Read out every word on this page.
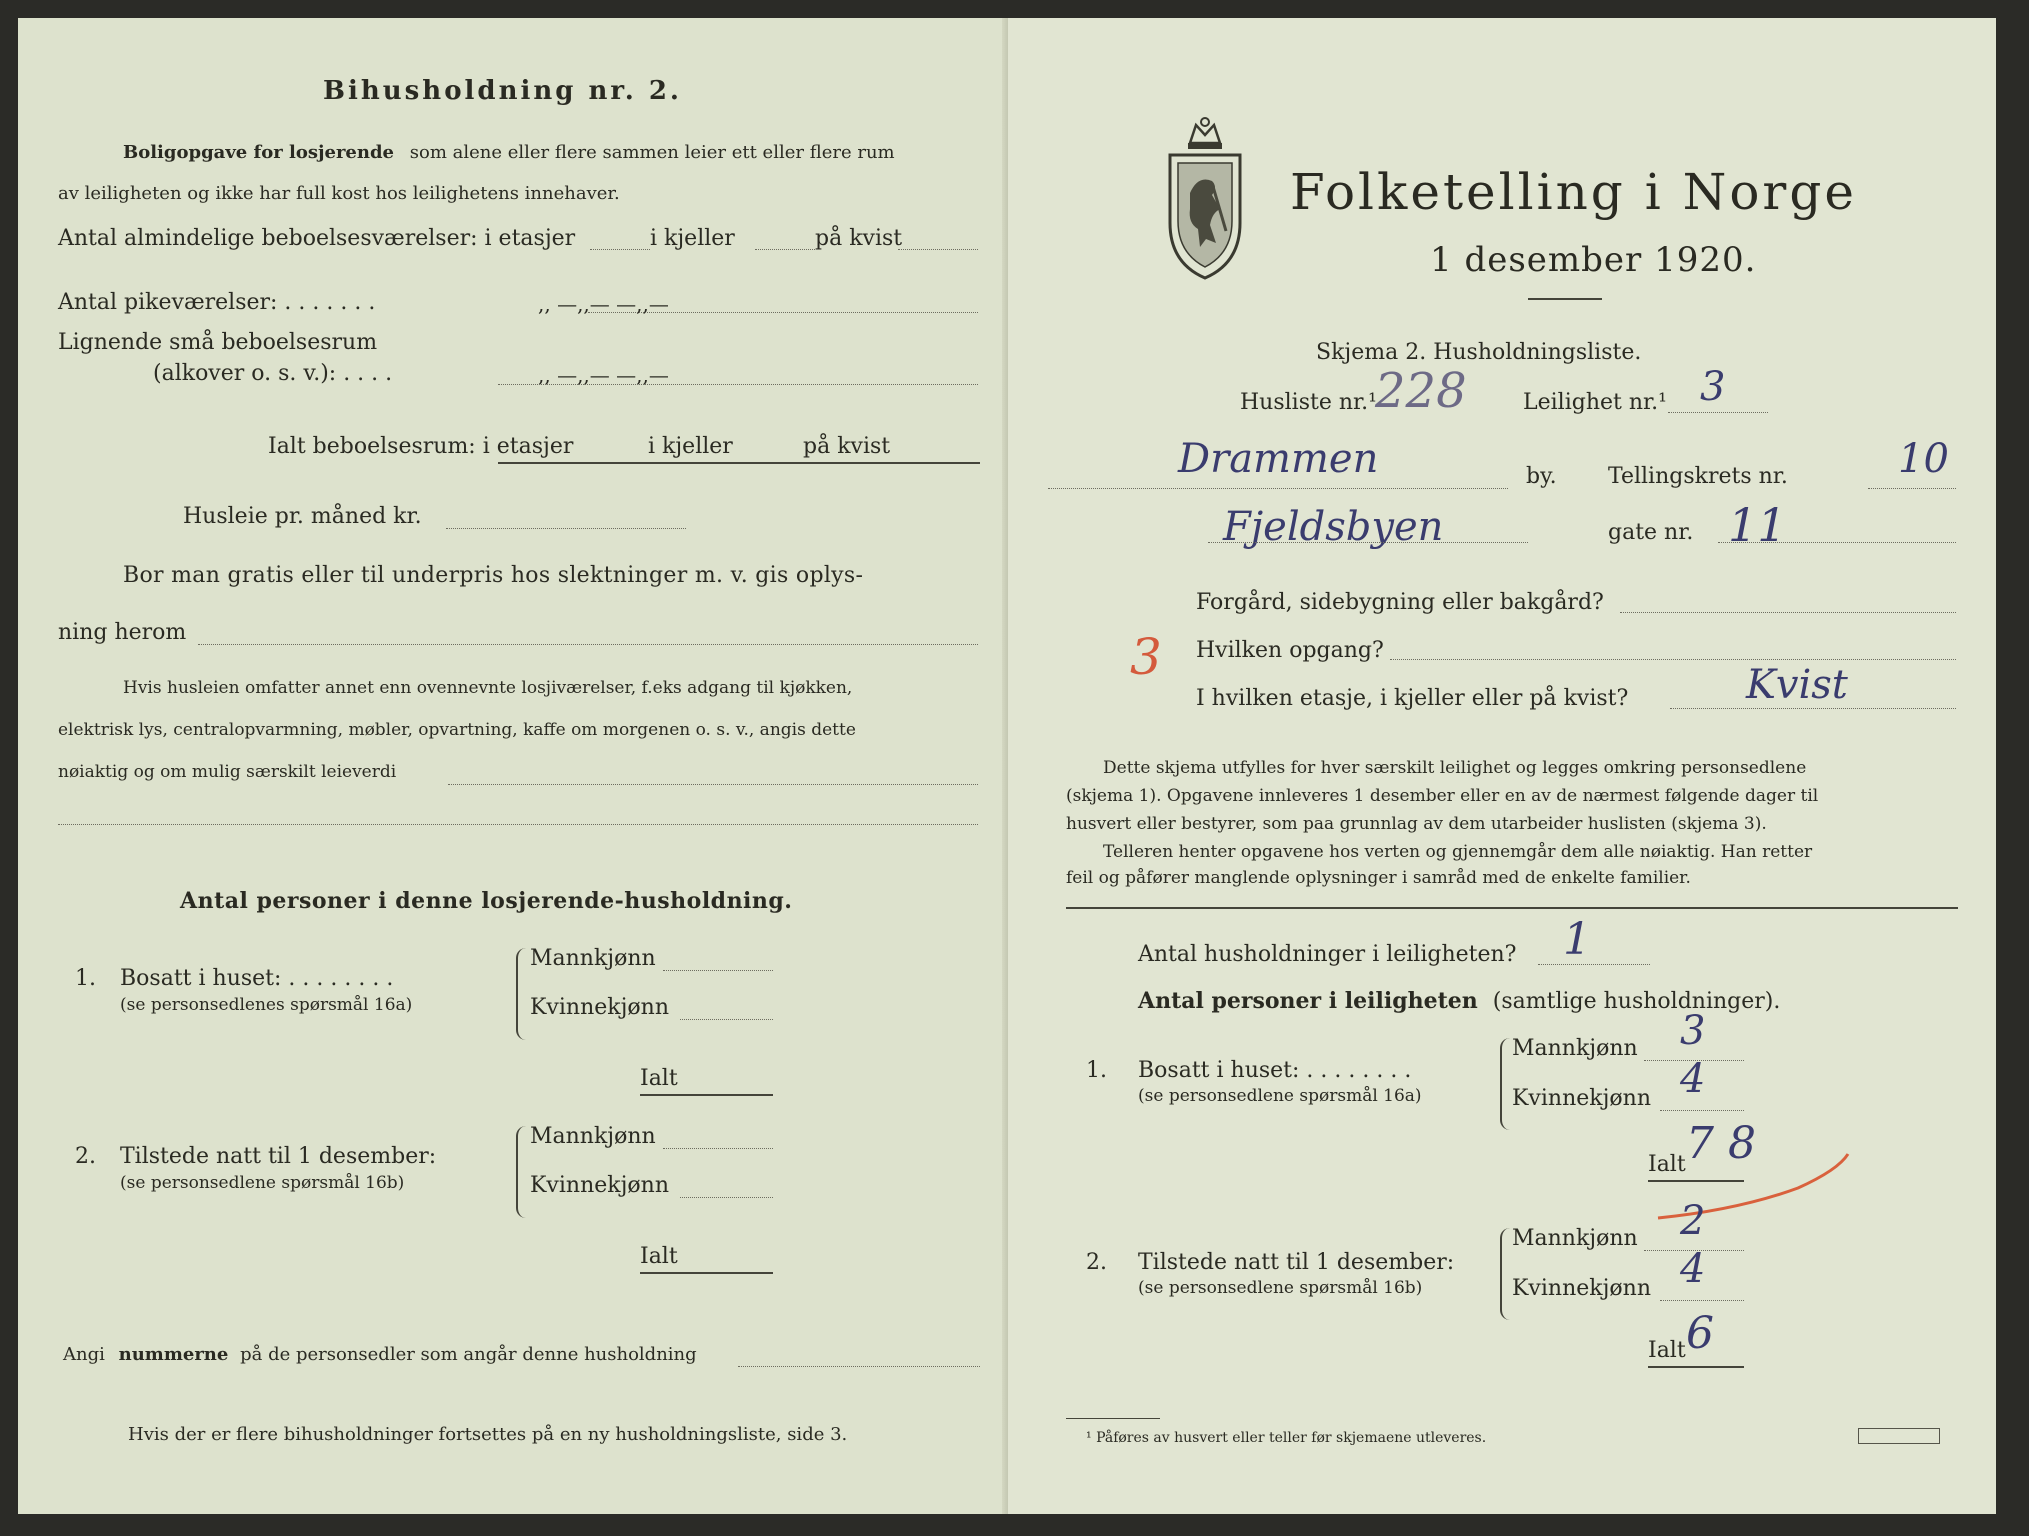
Bihusholdning nr. 2.
Boligopgave for losjerende som alene eller flere sammen leier ett eller flere rum
av leiligheten og ikke har full kost hos leilighetens innehaver.
Antal almindelige beboelsesværelser: i etasjer	i kjeller	på kvist
Antal pikeværelser: . . . . . . .	,, —,,— —,,—
Lignende små beboelsesrum
(alkover o. s. v.): . . . .	,, —,,— —,,—
Ialt beboelsesrum: i etasjer	i kjeller	på kvist
Husleie pr. måned kr.
Bor man gratis eller til underpris hos slektninger m. v. gis oplys-
ning herom
Hvis husleien omfatter annet enn ovennevnte losjiværelser, f.eks adgang til kjøkken,
elektrisk lys, centralopvarmning, møbler, opvartning, kaffe om morgenen o. s. v., angis dette
nøiaktig og om mulig særskilt leieverdi
Antal personer i denne losjerende-husholdning.
1. Bosatt i huset: . . . . . . . .
(se personsedlenes spørsmål 16a)
Mannkjønn
Kvinnekjønn
Ialt
2. Tilstede natt til 1 desember:
(se personsedlene spørsmål 16b)
Mannkjønn
Kvinnekjønn
Ialt
Angi nummerne på de personsedler som angår denne husholdning
Hvis der er flere bihusholdninger fortsettes på en ny husholdningsliste, side 3.
Folketelling i Norge
1 desember 1920.
Skjema 2. Husholdningsliste.
Husliste nr.¹
228	Leilighet nr.¹ 3
Drammen	by. Tellingskrets nr.	10
Fjeldsbyen	gate nr. 11
Forgård, sidebygning eller bakgård?
3 Hvilken opgang?
I hvilken etasje, i kjeller eller på kvist?	Kvist
Dette skjema utfylles for hver særskilt leilighet og legges omkring personsedlene
(skjema 1). Opgavene innleveres 1 desember eller en av de nærmest følgende dager til
husvert eller bestyrer, som paa grunnlag av dem utarbeider huslisten (skjema 3).
Telleren henter opgavene hos verten og gjennemgår dem alle nøiaktig. Han retter
feil og påfører manglende oplysninger i samråd med de enkelte familier.
Antal husholdninger i leiligheten? 1
Antal personer i leiligheten (samtlige husholdninger).
1. Bosatt i huset: . . . . . . . .
(se personsedlene spørsmål 16a)
Mannkjønn 3
Kvinnekjønn 4
Ialt 7 8
2. Tilstede natt til 1 desember:
(se personsedlene spørsmål 16b)
Mannkjønn 2
Kvinnekjønn 4
Ialt 6
¹ Påføres av husvert eller teller før skjemaene utleveres.
